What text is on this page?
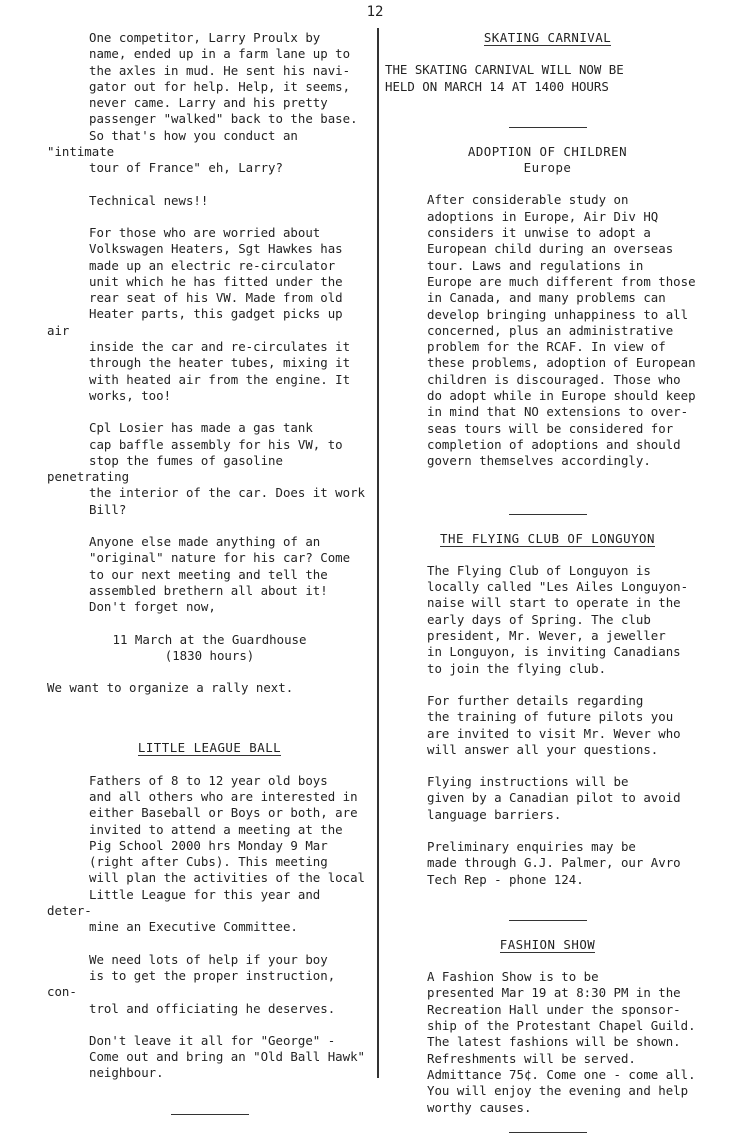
12
One competitor, Larry Proulx by
name, ended up in a farm lane up to
the axles in mud. He sent his navi-
gator out for help. Help, it seems,
never came. Larry and his pretty
passenger "walked" back to the base.
So that's how you conduct an "intimate
tour of France" eh, Larry?
Technical news!!
For those who are worried about
Volkswagen Heaters, Sgt Hawkes has
made up an electric re-circulator
unit which he has fitted under the
rear seat of his VW. Made from old
Heater parts, this gadget picks up air
inside the car and re-circulates it
through the heater tubes, mixing it
with heated air from the engine. It
works, too!
Cpl Losier has made a gas tank
cap baffle assembly for his VW, to
stop the fumes of gasoline penetrating
the interior of the car. Does it work
Bill?
Anyone else made anything of an
"original" nature for his car? Come
to our next meeting and tell the
assembled brethern all about it!
Don't forget now,
11 March at the Guardhouse
(1830 hours)
We want to organize a rally next.
LITTLE LEAGUE BALL
Fathers of 8 to 12 year old boys
and all others who are interested in
either Baseball or Boys or both, are
invited to attend a meeting at the
Pig School 2000 hrs Monday 9 Mar
(right after Cubs). This meeting
will plan the activities of the local
Little League for this year and deter-
mine an Executive Committee.
We need lots of help if your boy
is to get the proper instruction, con-
trol and officiating he deserves.
Don't leave it all for "George" -
Come out and bring an "Old Ball Hawk"
neighbour.
SKATING CARNIVAL
THE SKATING CARNIVAL WILL NOW BE
HELD ON MARCH 14 AT 1400 HOURS
ADOPTION OF CHILDREN
Europe
After considerable study on
adoptions in Europe, Air Div HQ
considers it unwise to adopt a
European child during an overseas
tour. Laws and regulations in
Europe are much different from those
in Canada, and many problems can
develop bringing unhappiness to all
concerned, plus an administrative
problem for the RCAF. In view of
these problems, adoption of European
children is discouraged. Those who
do adopt while in Europe should keep
in mind that NO extensions to over-
seas tours will be considered for
completion of adoptions and should
govern themselves accordingly.
THE FLYING CLUB OF LONGUYON
The Flying Club of Longuyon is
locally called "Les Ailes Longuyon-
naise will start to operate in the
early days of Spring. The club
president, Mr. Wever, a jeweller
in Longuyon, is inviting Canadians
to join the flying club.
For further details regarding
the training of future pilots you
are invited to visit Mr. Wever who
will answer all your questions.
Flying instructions will be
given by a Canadian pilot to avoid
language barriers.
Preliminary enquiries may be
made through G.J. Palmer, our Avro
Tech Rep - phone 124.
FASHION SHOW
A Fashion Show is to be
presented Mar 19 at 8:30 PM in the
Recreation Hall under the sponsor-
ship of the Protestant Chapel Guild.
The latest fashions will be shown.
Refreshments will be served.
Admittance 75¢. Come one - come all.
You will enjoy the evening and help
worthy causes.
